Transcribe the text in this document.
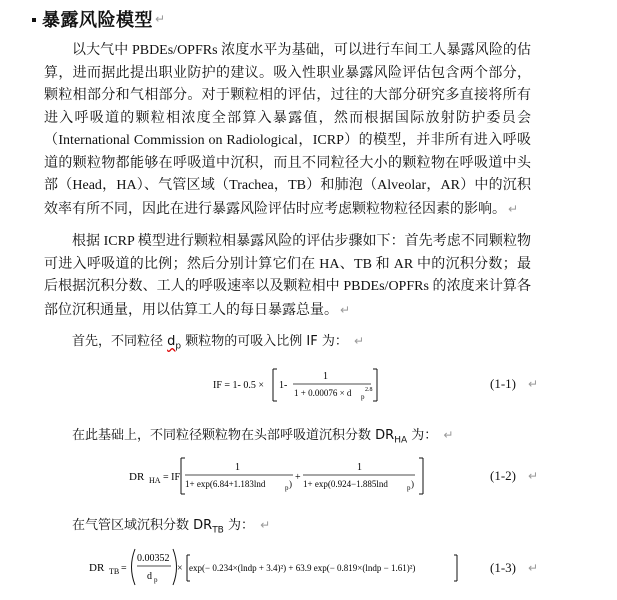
暴露风险模型 ↵

以大气中 PBDEs/OPFRs 浓度水平为基础，可以进行车间工人暴露风险的估算，进而据此提出职业防护的建议。吸入性职业暴露风险评估包含两个部分，颗粒相部分和气相部分。对于颗粒相的评估，过往的大部分研究多直接将所有进入呼吸道的颗粒相浓度全部算入暴露值，然而根据国际放射防护委员会（International Commission on Radiological，ICRP）的模型，并非所有进入呼吸道的颗粒物都能够在呼吸道中沉积，而且不同粒径大小的颗粒物在呼吸道中头部（Head，HA）、气管区域（Trachea，TB）和肺泡（Alveolar，AR）中的沉积效率有所不同，因此在进行暴露风险评估时应考虑颗粒物粒径因素的影响。 ↵

根据 ICRP 模型进行颗粒相暴露风险的评估步骤如下：首先考虑不同颗粒物可进入呼吸道的比例；然后分别计算它们在 HA、TB 和 AR 中的沉积分数；最后根据沉积分数、工人的呼吸速率以及颗粒相中 PBDEs/OPFRs 的浓度来计算各部位沉积通量，用以估算工人的每日暴露总量。 ↵

首先，不同粒径 $d_p$ 颗粒物的可吸入比例 IF 为： ↵
IF = 1- 0.5 × 1-
1
1 + 0.00076 × d p
2.8	(1-1) ↵
在此基础上，不同粒径颗粒物在头部呼吸道沉积分数 $DR_{HA}$ 为： ↵
DR HA = IF
1
1+ exp(6.84+1.183lnd	p )
+
1
1+ exp(0.924−1.885lnd	p )
(1-2) ↵
在气管区域沉积分数 $DR_{TB}$ 为： ↵
DR TB =
0.00352
d p
× exp(− 0.234×(lndp + 3.4)²) + 63.9 exp(− 0.819×(lndp − 1.61)²)	(1-3) ↵
